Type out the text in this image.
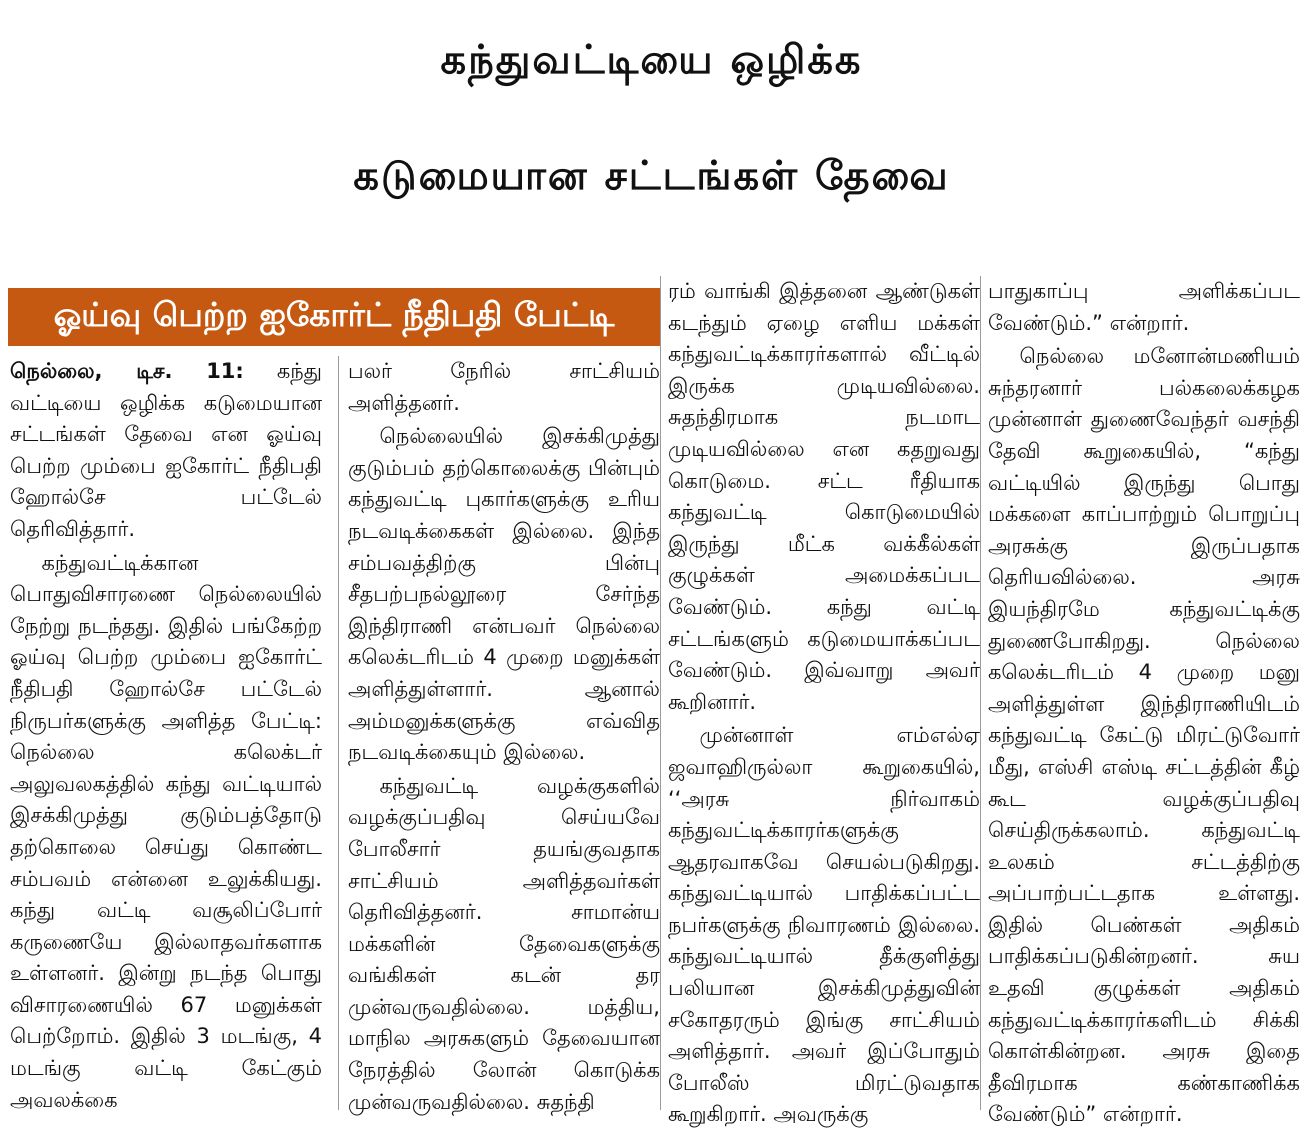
கந்துவட்டியை ஒழிக்க
கடுமையான சட்டங்கள் தேவை
ஓய்வு பெற்ற ஐகோர்ட் நீதிபதி பேட்டி

நெல்லை, டிச. 11: கந்து வட்டியை ஒழிக்க கடுமையான சட்டங்கள் தேவை என ஓய்வு பெற்ற மும்பை ஐகோர்ட் நீதிபதி ஹோல்சே பட்டேல் தெரிவித்தார்.

கந்துவட்டிக்கான பொதுவிசாரணை நெல்லையில் நேற்று நடந்தது. இதில் பங்கேற்ற ஓய்வு பெற்ற மும்பை ஐகோர்ட் நீதிபதி ஹோல்சே பட்டேல் நிருபர்களுக்கு அளித்த பேட்டி: நெல்லை கலெக்டர் அலுவலகத்தில் கந்து வட்டியால் இசக்கிமுத்து குடும்பத்தோடு தற்கொலை செய்து கொண்ட சம்பவம் என்னை உலுக்கியது. கந்து வட்டி வசூலிப்போர் கருணையே இல்லாதவர்களாக உள்ளனர். இன்று நடந்த பொது விசாரணையில் 67 மனுக்கள் பெற்றோம். இதில் 3 மடங்கு, 4 மடங்கு வட்டி கேட்கும் அவலக்கை

பலர் நேரில் சாட்சியம் அளித்தனர்.

நெல்லையில் இசக்கிமுத்து குடும்பம் தற்கொலைக்கு பின்பும் கந்துவட்டி புகார்களுக்கு உரிய நடவடிக்கைகள் இல்லை. இந்த சம்பவத்திற்கு பின்பு சீதபற்பநல்லூரை சேர்ந்த இந்திராணி என்பவர் நெல்லை கலெக்டரிடம் 4 முறை மனுக்கள் அளித்துள்ளார். ஆனால் அம்மனுக்களுக்கு எவ்வித நடவடிக்கையும் இல்லை.

கந்துவட்டி வழக்குகளில் வழக்குப்பதிவு செய்யவே போலீசார் தயங்குவதாக சாட்சியம் அளித்தவர்கள் தெரிவித்தனர். சாமான்ய மக்களின் தேவைகளுக்கு வங்கிகள் கடன் தர முன்வருவதில்லை. மத்திய, மாநில அரசுகளும் தேவையான நேரத்தில் லோன் கொடுக்க முன்வருவதில்லை. சுதந்தி

ரம் வாங்கி இத்தனை ஆண்டுகள் கடந்தும் ஏழை எளிய மக்கள் கந்துவட்டிக்காரர்களால் வீட்டில் இருக்க முடியவில்லை. சுதந்திரமாக நடமாட முடியவில்லை என கதறுவது கொடுமை. சட்ட ரீதியாக கந்துவட்டி கொடுமையில் இருந்து மீட்க வக்கீல்கள் குழுக்கள் அமைக்கப்பட வேண்டும். கந்து வட்டி சட்டங்களும் கடுமையாக்கப்பட வேண்டும். இவ்வாறு அவர் கூறினார்.

முன்னாள் எம்எல்ஏ ஜவாஹிருல்லா கூறுகையில், ‘‘அரசு நிர்வாகம் கந்துவட்டிக்காரர்களுக்கு ஆதரவாகவே செயல்படுகிறது. கந்துவட்டியால் பாதிக்கப்பட்ட நபர்களுக்கு நிவாரணம் இல்லை. கந்துவட்டியால் தீக்குளித்து பலியான இசக்கிமுத்துவின் சகோதரரும் இங்கு சாட்சியம் அளித்தார். அவர் இப்போதும் போலீஸ் மிரட்டுவதாக கூறுகிறார். அவருக்கு

பாதுகாப்பு அளிக்கப்பட வேண்டும்.” என்றார்.

நெல்லை மனோன்மணியம் சுந்தரனார் பல்கலைக்கழக முன்னாள் துணைவேந்தர் வசந்தி தேவி கூறுகையில், “கந்து வட்டியில் இருந்து பொது மக்களை காப்பாற்றும் பொறுப்பு அரசுக்கு இருப்பதாக தெரியவில்லை. அரசு இயந்திரமே கந்துவட்டிக்கு துணைபோகிறது. நெல்லை கலெக்டரிடம் 4 முறை மனு அளித்துள்ள இந்திராணியிடம் கந்துவட்டி கேட்டு மிரட்டுவோர் மீது, எஸ்சி எஸ்டி சட்டத்தின் கீழ் கூட வழக்குப்பதிவு செய்திருக்கலாம். கந்துவட்டி உலகம் சட்டத்திற்கு அப்பாற்பட்டதாக உள்ளது. இதில் பெண்கள் அதிகம் பாதிக்கப்படுகின்றனர். சுய உதவி குழுக்கள் அதிகம் கந்துவட்டிக்காரர்களிடம் சிக்கி கொள்கின்றன. அரசு இதை தீவிரமாக கண்காணிக்க வேண்டும்” என்றார்.
